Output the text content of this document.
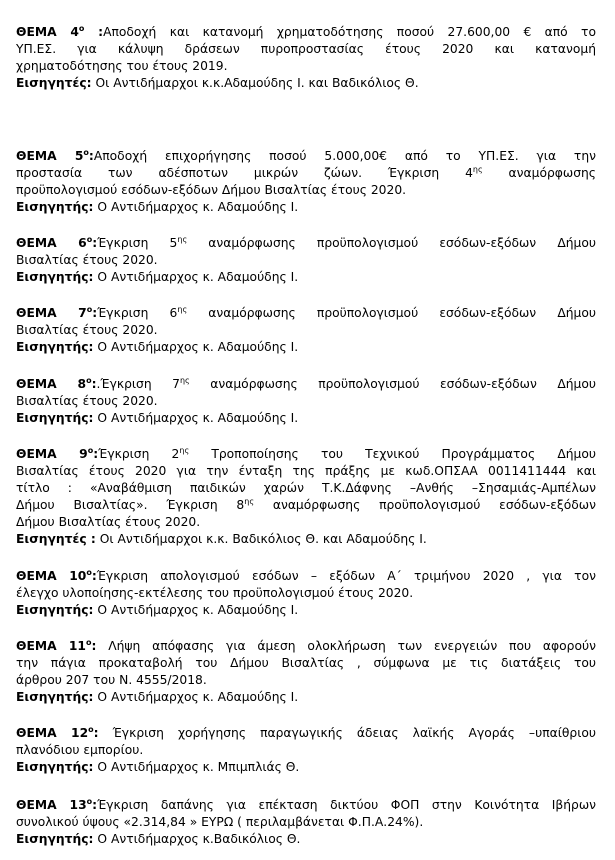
ΘΕΜΑ $4^o$ :Αποδοχή και κατανομή χρηματοδότησης ποσού 27.600,00 € από το
ΥΠ.ΕΣ. για κάλυψη δράσεων πυροπροστασίας έτους 2020 και κατανομή
χρηματοδότησης του έτους 2019.
Εισηγητές: Οι Αντιδήμαρχοι κ.κ.Αδαμούδης Ι. και Βαδικόλιος Θ.
ΘΕΜΑ $5^o:A\pi o\delta o\chi ή$ επιχορήγησης ποσού 5.000,00€ από το ΥΠ.ΕΣ. για την
προστασία των αδέσποτων μικρών ζώων. Έγκριση $4^{\eta\varsigma}$ αναμόρφωσης
προϋπολογισμού εσόδων-εξόδων Δήμου Βισαλτίας έτους 2020.
Εισηγητής: Ο Αντιδήμαρχος κ. Αδαμούδης Ι.
ΘΕΜΑ $6^o:Έ\gamma\kappa\rho\iota\sigma\eta$ $5^{\eta\varsigma}$ αναμόρφωσης προϋπολογισμού εσόδων-εξόδων Δήμου
Βισαλτίας έτους 2020.
Εισηγητής: Ο Αντιδήμαρχος κ. Αδαμούδης Ι.
ΘΕΜΑ $7^o:Έ\gamma\kappa\rho\iota\sigma\eta$ $6^{\eta\varsigma}$ αναμόρφωσης προϋπολογισμού εσόδων-εξόδων Δήμου
Βισαλτίας έτους 2020.
Εισηγητής: Ο Αντιδήμαρχος κ. Αδαμούδης Ι.
ΘΕΜΑ $8^o:.Έ\gamma\kappa\rho\iota\sigma\eta$ $7^{\eta\varsigma}$ αναμόρφωσης προϋπολογισμού εσόδων-εξόδων Δήμου
Βισαλτίας έτους 2020.
Εισηγητής: Ο Αντιδήμαρχος κ. Αδαμούδης Ι.
ΘΕΜΑ $9^o:Έ\gamma\kappa\rho\iota\sigma\eta$ $2^{\eta\varsigma}$ Τροποποίησης του Τεχνικού Προγράμματος Δήμου
Βισαλτίας έτους 2020 για την ένταξη της πράξης με κωδ.ΟΠΣΑΑ 0011411444 και
τίτλο : «Αναβάθμιση παιδικών χαρών Τ.Κ.Δάφνης –Ανθής –Σησαμιάς-Αμπέλων
Δήμου Βισαλτίας». Έγκριση $8^{\eta\varsigma}$ αναμόρφωσης προϋπολογισμού εσόδων-εξόδων
Δήμου Βισαλτίας έτους 2020.
Εισηγητές : Οι Αντιδήμαρχοι κ.κ. Βαδικόλιος Θ. και Αδαμούδης Ι.
ΘΕΜΑ $10^o:Έ\gamma\kappa\rho\iota\sigma\eta$ απολογισμού εσόδων – εξόδων Α΄ τριμήνου 2020 , για τον
έλεγχο υλοποίησης-εκτέλεσης του προϋπολογισμού έτους 2020.
Εισηγητής: Ο Αντιδήμαρχος κ. Αδαμούδης Ι.
ΘΕΜΑ $11^o$: Λήψη απόφασης για άμεση ολοκλήρωση των ενεργειών που αφορούν
την πάγια προκαταβολή του Δήμου Βισαλτίας , σύμφωνα με τις διατάξεις του
άρθρου 207 του Ν. 4555/2018.
Εισηγητής: Ο Αντιδήμαρχος κ. Αδαμούδης Ι.
ΘΕΜΑ $12^o$: Έγκριση χορήγησης παραγωγικής άδειας λαϊκής Αγοράς –υπαίθριου
πλανόδιου εμπορίου.
Εισηγητής: Ο Αντιδήμαρχος κ. Μπιμπλιάς Θ.
ΘΕΜΑ $13^o:Έ\gamma\kappa\rho\iota\sigma\eta$ δαπάνης για επέκταση δικτύου ΦΟΠ στην Κοινότητα Ιβήρων
συνολικού ύψους «2.314,84 » ΕΥΡΩ ( περιλαμβάνεται Φ.Π.Α.24%).
Εισηγητής: Ο Αντιδήμαρχος κ.Βαδικόλιος Θ.
